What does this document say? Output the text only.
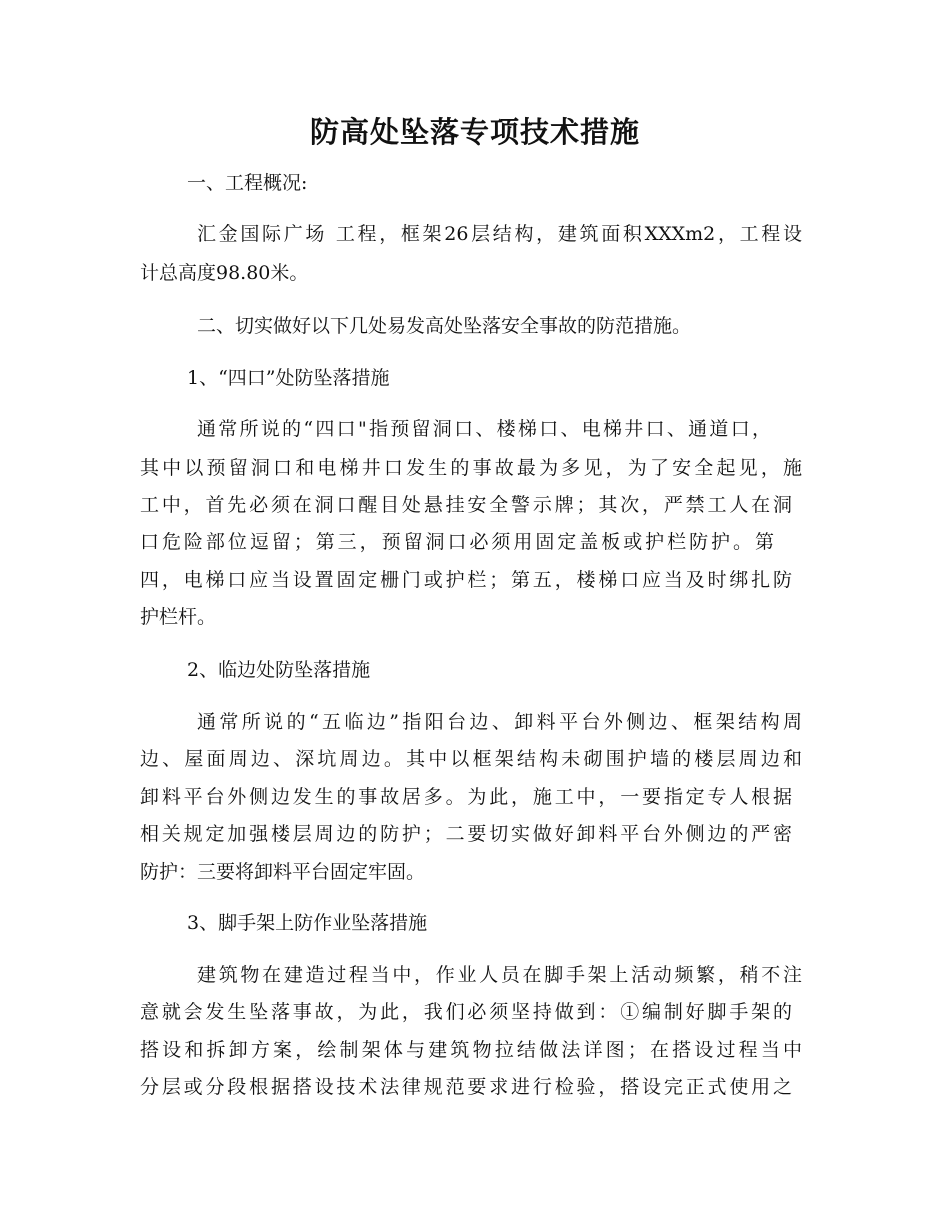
防高处坠落专项技术措施
一、工程概况:
汇金国际广场 工程，框架26层结构，建筑面积XXXm2，工程设
计总高度98.80米。
二、切实做好以下几处易发高处坠落安全事故的防范措施。
1、“四口”处防坠落措施
通常所说的“四口"指预留洞口、楼梯口、电梯井口、通道口，
其中以预留洞口和电梯井口发生的事故最为多见，为了安全起见，施
工中，首先必须在洞口醒目处悬挂安全警示牌；其次，严禁工人在洞
口危险部位逗留；第三，预留洞口必须用固定盖板或护栏防护。第
四，电梯口应当设置固定栅门或护栏；第五，楼梯口应当及时绑扎防
护栏杆。
2、临边处防坠落措施
通常所说的“五临边”指阳台边、卸料平台外侧边、框架结构周
边、屋面周边、深坑周边。其中以框架结构未砌围护墙的楼层周边和
卸料平台外侧边发生的事故居多。为此，施工中，一要指定专人根据
相关规定加强楼层周边的防护；二要切实做好卸料平台外侧边的严密
防护：三要将卸料平台固定牢固。
3、脚手架上防作业坠落措施
建筑物在建造过程当中，作业人员在脚手架上活动频繁，稍不注
意就会发生坠落事故，为此，我们必须坚持做到：①编制好脚手架的
搭设和拆卸方案，绘制架体与建筑物拉结做法详图；在搭设过程当中
分层或分段根据搭设技术法律规范要求进行检验，搭设完正式使用之
